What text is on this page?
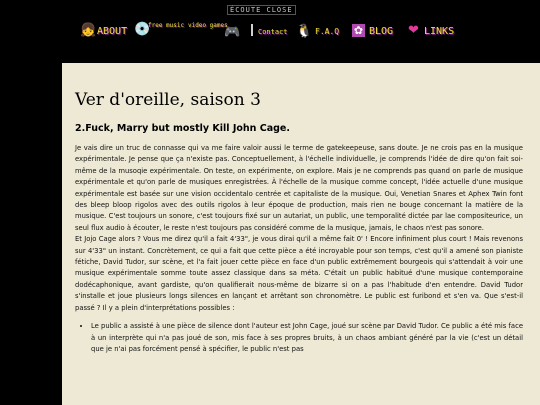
ÉCOUTE CLOSE
👧 ABOUT 💿
free music video games
🎮	Contact 🐧 F.A.Q ✿ BLOG ❤ LINKS
Ver d'oreille, saison 3
2.Fuck, Marry but mostly Kill John Cage.

Je vais dire un truc de connasse qui va me faire valoir aussi le terme de gatekeepeuse, sans doute. Je ne crois pas en la musique expérimentale. Je pense que ça n'existe pas. Conceptuellement, à l'échelle individuelle, je comprends l'idée de dire qu'on fait soi-même de la musoqie expérimentale. On teste, on expérimente, on explore. Mais je ne comprends pas quand on parle de musique expérimentale et qu'on parle de musiques enregistrées. À l'échelle de la musique comme concept, l'idée actuelle d'une musique expérimentale est basée sur une vision occidentalo centrée et capitaliste de la musique. Oui, Venetian Snares et Aphex Twin font des bleep bloop rigolos avec des outils rigolos à leur époque de production, mais rien ne bouge concernant la matière de la musique. C'est toujours un sonore, c'est toujours fixé sur un autariat, un public, une temporalité dictée par lae compositeurice, un seul flux audio à écouter, le reste n'est toujours pas considéré comme de la musique, jamais, le chaos n'est pas sonore.

Et Jojo Cage alors ? Vous me direz qu'il a fait 4'33", je vous dirai qu'il a même fait 0' ! Encore infiniment plus court ! Mais revenons sur 4'33" un instant. Concrètement, ce qui a fait que cette pièce a été incroyable pour son temps, c'est qu'il a amené son pianiste fétiche, David Tudor, sur scène, et l'a fait jouer cette pièce en face d'un public extrêmement bourgeois qui s'attendait à voir une musique expérimentale somme toute assez classique dans sa méta. C'était un public habitué d'une musique contemporaine dodécaphonique, avant gardiste, qu'on qualifierait nous-même de bizarre si on a pas l'habitude d'en entendre. David Tudor s'installe et joue plusieurs longs silences en lançant et arrêtant son chronomètre. Le public est furibond et s'en va. Que s'est-il passé ? Il y a plein d'interprétations possibles :

• Le public a assisté à une pièce de silence dont l'auteur est John Cage, joué sur scène par David Tudor. Ce public a été mis face à un interprète qui n'a pas joué de son, mis face à ses propres bruits, à un chaos ambiant généré par la vie (c'est un détail que je n'ai pas forcément pensé à spécifier, le public n'est pas
